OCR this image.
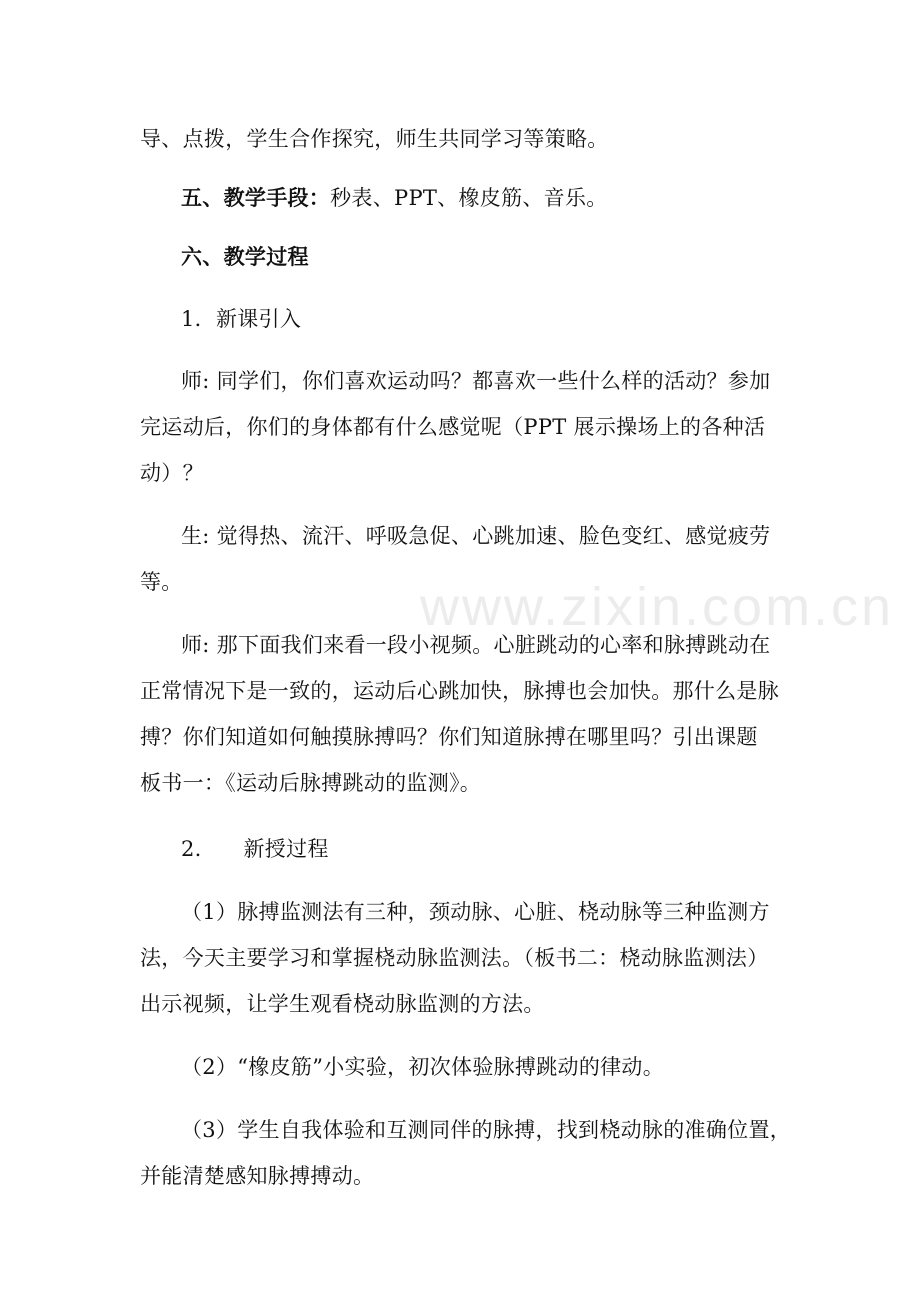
导、点拨，学生合作探究，师生共同学习等策略。
五、教学手段：秒表、PPT、橡皮筋、音乐。
六、教学过程
1．新课引入
师: 同学们，你们喜欢运动吗？都喜欢一些什么样的活动？参加
完运动后，你们的身体都有什么感觉呢（PPT 展示操场上的各种活
动）？
生: 觉得热、流汗、呼吸急促、心跳加速、脸色变红、感觉疲劳
等。
师: 那下面我们来看一段小视频。心脏跳动的心率和脉搏跳动在
正常情况下是一致的，运动后心跳加快，脉搏也会加快。那什么是脉
搏？你们知道如何触摸脉搏吗？你们知道脉搏在哪里吗？引出课题
板书一：《运动后脉搏跳动的监测》。
2.      新授过程
（1）脉搏监测法有三种，颈动脉、心脏、桡动脉等三种监测方
法，今天主要学习和掌握桡动脉监测法。（板书二：桡动脉监测法）
出示视频，让学生观看桡动脉监测的方法。
（2）“橡皮筋”小实验，初次体验脉搏跳动的律动。
（3）学生自我体验和互测同伴的脉搏，找到桡动脉的准确位置，
并能清楚感知脉搏搏动。
www.zixin.com.cn
